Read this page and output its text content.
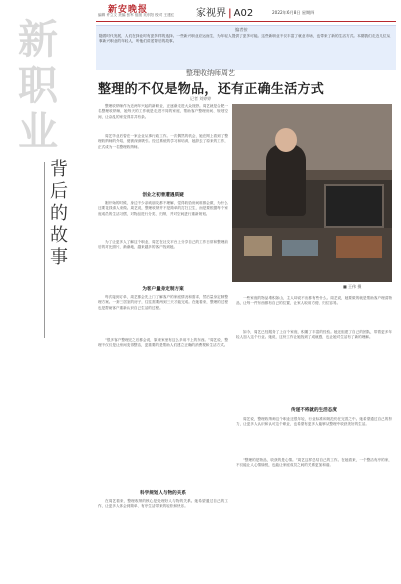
新安晚报
编辑 许立文 美编 张军 组版 吴东阳 校对 王建红 家视界 | A02	2022年6月8日 星期四
编者按
随着时代发展，人们在择业时有更多样的选择。一些新兴职业应运而生，为年轻人提供了更多可能。这些新职业不仅丰富了就业市场，也带来了新的生活方式。本期我们走近几位从事新兴职业的年轻人，听他们讲述背后的故事。
新
职
业
背
后
的
故
事
整理收纳师周艺
整理的不仅是物品，还有正确生活方式
记者 刘婷婷
整理收纳师作为近两年兴起的新职业，正逐渐走进大众视野。周艺就是合肥一名整理收纳师，她每天的工作就是走进不同的家庭，帮助客户整理房间、规划空间，让杂乱的家变得井井有条。
周艺毕业后曾在一家企业从事行政工作。一次偶然的机会，她在网上看到了整理收纳师的介绍，便被深深吸引。经过系统的学习和培训，她辞去了原来的工作，正式成为一名整理收纳师。
创业之初曾遭遇质疑
刚开始的时候，身边不少亲戚朋友都不理解，觉得收拾房间谁都会做，为什么还要花钱请人来做。周艺说，整理收纳并不是简单的打扫卫生，而是要根据每个家庭成员的生活习惯，对物品进行分类、归纳，并对空间进行重新规划。
为了让更多人了解这个职业，周艺在社交平台上分享自己的工作日常和整理前后的对比照片，渐渐地，越来越多的客户找到她。
为客户量身定制方案
每次接到订单，周艺都会先上门了解客户的家庭情况和需求，然后量身定制整理方案。一套三居室的房子，往往需要两到三天才能完成。在她看来，整理的过程也是帮助客户重新认识自己生活的过程。
“很多客户整理完之后都会说，原来家里有这么多用不上的东西。”周艺说，整理不仅仅是让房间变得整洁，更重要的是帮助人们建立正确的消费观和生活方式。
科学规划人与物的关系
在周艺看来，整理收纳的核心是处理好人与物的关系。她希望通过自己的工作，让更多人体会到简单、有序生活带来的轻松和快乐。
■ 王伟 摄
一些家庭的物品堆积如山，主人却说不出都有些什么。周艺说，她要做的就是帮助客户理清物品，让每一件东西都有自己的位置，让家人取用方便、归位容易。
如今，周艺已经服务了上百个家庭，积累了丰富的经验。她还组建了自己的团队，带着更多年轻人加入这个行业。她说，这份工作让她找到了成就感，也让她对生活有了新的理解。
传递不将就的生活态度
周艺说，整理收纳师这个职业还很年轻，行业标准和规范仍在完善之中。她希望通过自己的努力，让更多人认识和认可这个职业，也希望有更多人能够从整理中收获美好的生活。
“整理的是物品，收获的是心情。”周艺这样总结自己的工作。在她看来，一个整洁有序的家，不仅能让人心情愉悦，也能让家庭成员之间的关系更加和谐。
